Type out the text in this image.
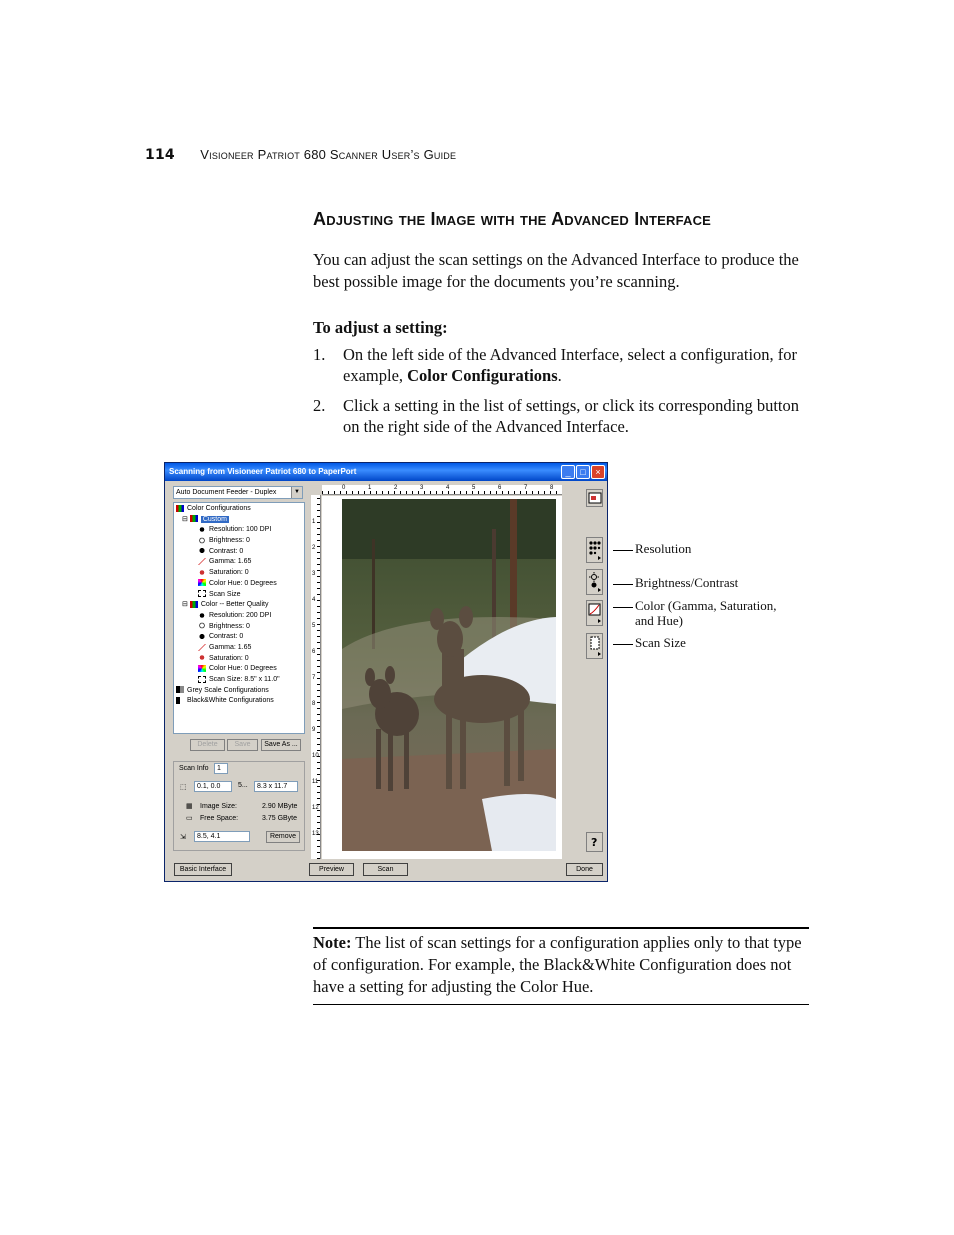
114 Visioneer Patriot 680 Scanner User’s Guide
Adjusting the Image with the Advanced Interface

You can adjust the scan settings on the Advanced Interface to produce the best possible image for the documents you’re scanning.

To adjust a setting:

1. On the left side of the Advanced Interface, select a configuration, for example, Color Configurations.
2. Click a setting in the list of settings, or click its corresponding button on the right side of the Advanced Interface.
Scanning from Visioneer Patriot 680 to PaperPort	_	□	×
Auto Document Feeder - Duplex	▼
Color Configurations
⊟ Custom
Resolution: 100 DPI
Brightness: 0
Contrast: 0
Gamma: 1.65
Saturation: 0
Color Hue: 0 Degrees
Scan Size
⊟ Color -- Better Quality
Resolution: 200 DPI
Brightness: 0
Contrast: 0
Gamma: 1.65
Saturation: 0
Color Hue: 0 Degrees
Scan Size: 8.5" x 11.0"
Grey Scale Configurations
Black&White Configurations
Delete	Save	Save As ...
Scan Info	1
⬚	0.1, 0.0	5...	8.3 x 11.7
▦ Image Size:	2.90 MByte
▭ Free Space:	3.75 GByte
⇲	8.5, 4.1	Remove
0	1	2	3	4	5	6	7	8
1
2
3
4
5
6
7
8
9
10
11
12
13
?
Basic Interface	Preview	Scan	Done
Resolution
Brightness/Contrast
Color (Gamma, Saturation,
and Hue)
Scan Size
Note: The list of scan settings for a configuration applies only to that type of configuration. For example, the Black&White Configuration does not have a setting for adjusting the Color Hue.
